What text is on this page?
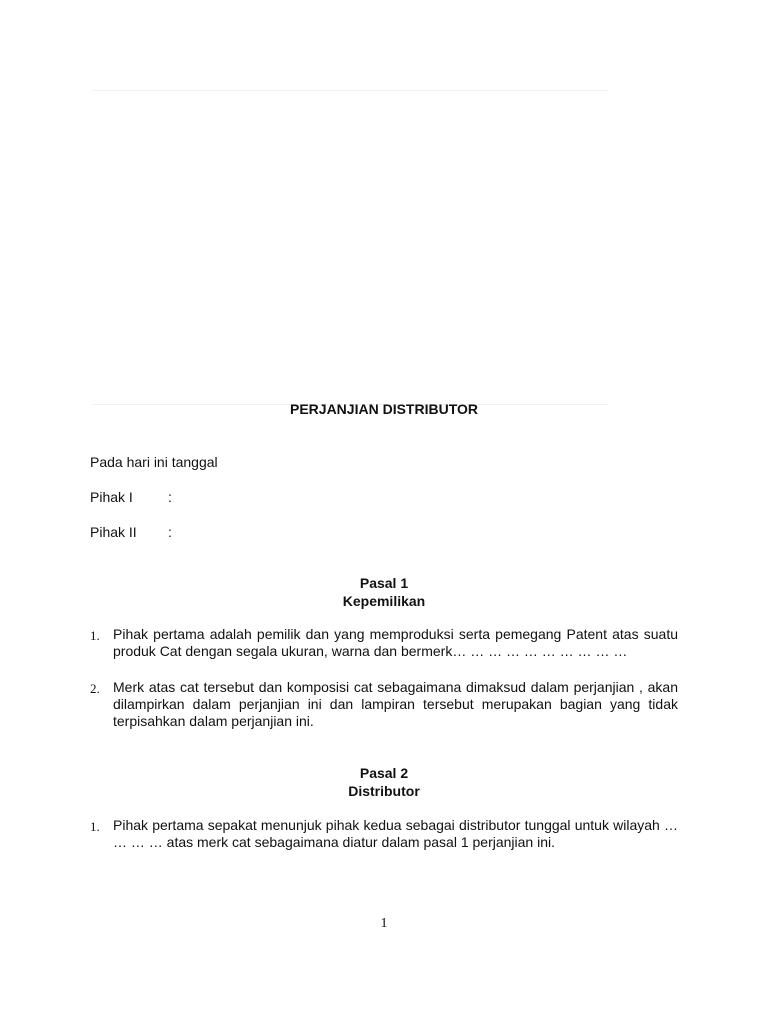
PERJANJIAN DISTRIBUTOR
Pada hari ini tanggal
Pihak I	:
Pihak II :
Pasal 1
Kepemilikan
1. Pihak pertama adalah pemilik dan yang memproduksi serta pemegang Patent atas suatu produk Cat dengan segala ukuran, warna dan bermerk… … … … … … … … … …
2. Merk atas cat tersebut dan komposisi cat sebagaimana dimaksud dalam perjanjian , akan dilampirkan dalam perjanjian ini dan lampiran tersebut merupakan bagian yang tidak terpisahkan dalam perjanjian ini.
Pasal 2
Distributor
1. Pihak pertama sepakat menunjuk pihak kedua sebagai distributor tunggal untuk wilayah … … … … atas merk cat sebagaimana diatur dalam pasal 1 perjanjian ini.
1
